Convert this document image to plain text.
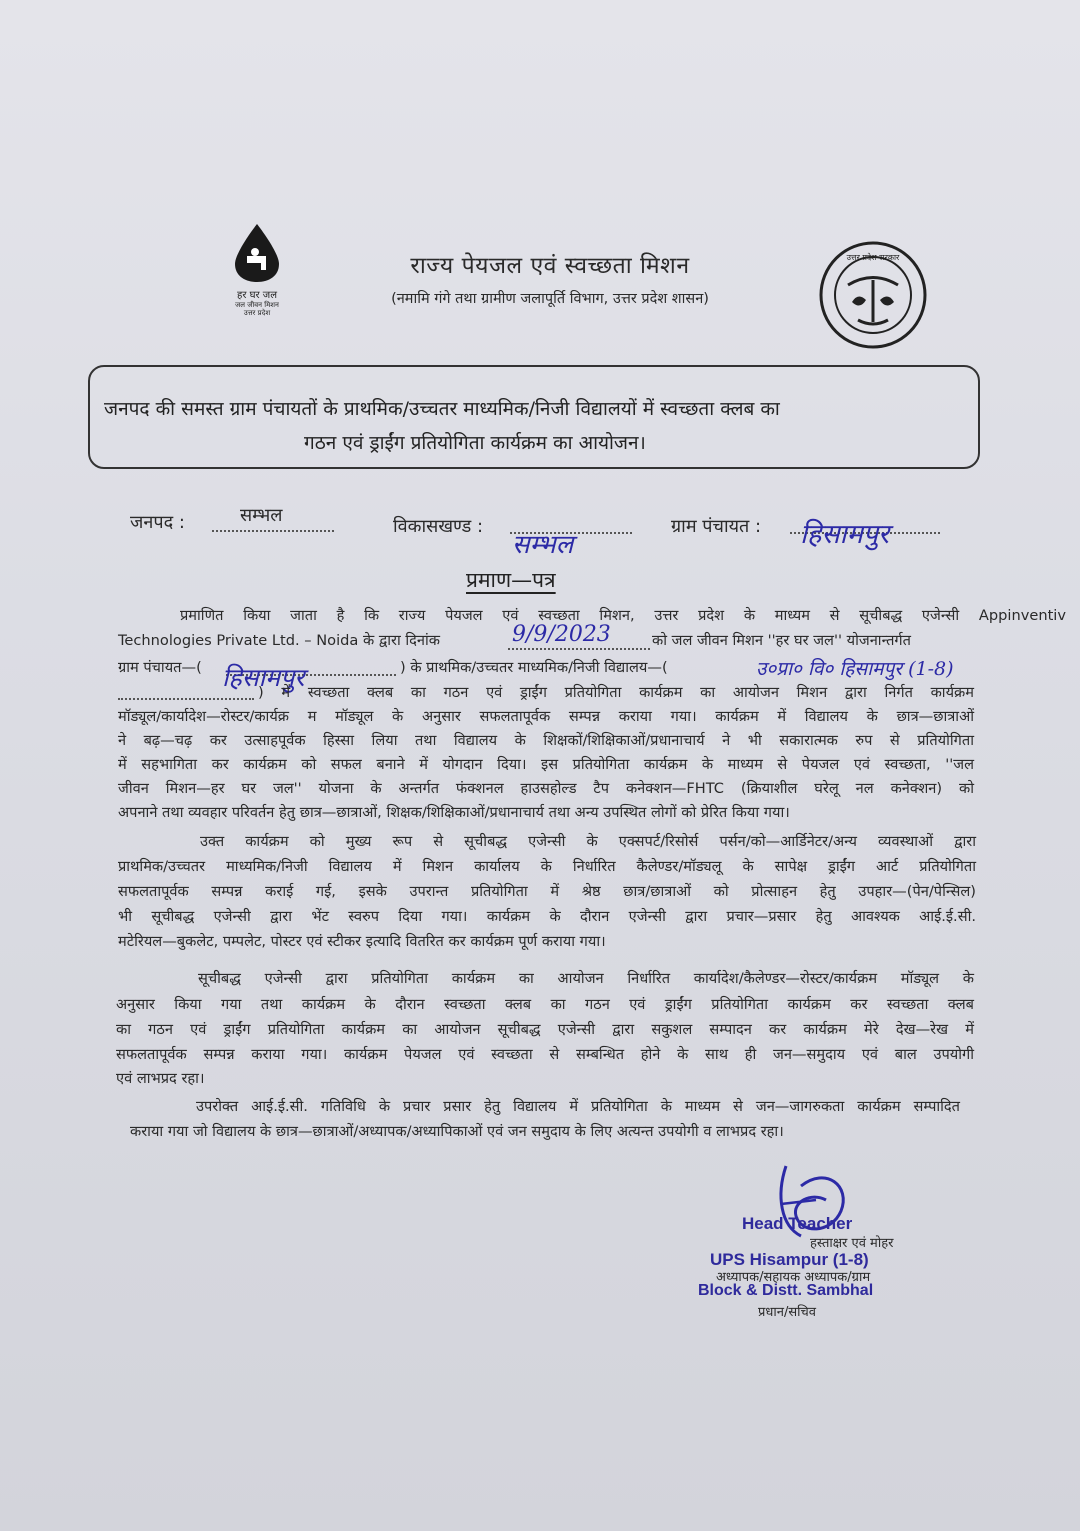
हर घर जल
जल जीवन मिशन
उत्तर प्रदेश
राज्य पेयजल एवं स्वच्छता मिशन
(नमामि गंगे तथा ग्रामीण जलापूर्ति विभाग, उत्तर प्रदेश शासन)
उत्तर प्रदेश सरकार
जनपद की समस्त ग्राम पंचायतों के प्राथमिक/उच्चतर माध्यमिक/निजी विद्यालयों में स्वच्छता क्लब का
गठन एवं ड्राईंग प्रतियोगिता कार्यक्रम का आयोजन।
जनपद :	सम्भल
विकासखण्ड :
सम्भल
ग्राम पंचायत : हिसामपुर
प्रमाण—पत्र
प्रमाणित किया जाता है कि राज्य पेयजल एवं स्वच्छता मिशन, उत्तर प्रदेश के माध्यम से सूचीबद्ध एजेन्सी Appinventiv
Technologies Private Ltd. – Noida के द्वारा दिनांक	9/9/2023	को जल जीवन मिशन ''हर घर जल'' योजनान्तर्गत
ग्राम पंचायत—( हिसामपुर	) के प्राथमिक/उच्चतर माध्यमिक/निजी विद्यालय—(	उ०प्रा० वि० हिसामपुर (1-8)
) में स्वच्छता क्लब का गठन एवं ड्राईंग प्रतियोगिता कार्यक्रम का आयोजन मिशन द्वारा निर्गत कार्यक्रम
मॉड्यूल/कार्यादेश—रोस्टर/कार्यक्र म मॉड्यूल के अनुसार सफलतापूर्वक सम्पन्न कराया गया। कार्यक्रम में विद्यालय के छात्र—छात्राओं
ने बढ़—चढ़ कर उत्साहपूर्वक हिस्सा लिया तथा विद्यालय के शिक्षकों/शिक्षिकाओं/प्रधानाचार्य ने भी सकारात्मक रुप से प्रतियोगिता
में सहभागिता कर कार्यक्रम को सफल बनाने में योगदान दिया। इस प्रतियोगिता कार्यक्रम के माध्यम से पेयजल एवं स्वच्छता, ''जल
जीवन मिशन—हर घर जल'' योजना के अन्तर्गत फंक्शनल हाउसहोल्ड टैप कनेक्शन—FHTC (क्रियाशील घरेलू नल कनेक्शन) को
अपनाने तथा व्यवहार परिवर्तन हेतु छात्र—छात्राओं, शिक्षक/शिक्षिकाओं/प्रधानाचार्य तथा अन्य उपस्थित लोगों को प्रेरित किया गया।
उक्त कार्यक्रम को मुख्य रूप से सूचीबद्ध एजेन्सी के एक्सपर्ट/रिसोर्स पर्सन/को—आर्डिनेटर/अन्य व्यवस्थाओं द्वारा
प्राथमिक/उच्चतर माध्यमिक/निजी विद्यालय में मिशन कार्यालय के निर्धारित कैलेण्डर/मॉड्यलू के सापेक्ष ड्राईंग आर्ट प्रतियोगिता
सफलतापूर्वक सम्पन्न कराई गई, इसके उपरान्त प्रतियोगिता में श्रेष्ठ छात्र/छात्राओं को प्रोत्साहन हेतु उपहार—(पेन/पेन्सिल)
भी सूचीबद्ध एजेन्सी द्वारा भेंट स्वरुप दिया गया। कार्यक्रम के दौरान एजेन्सी द्वारा प्रचार—प्रसार हेतु आवश्यक आई.ई.सी.
मटेरियल—बुकलेट, पम्पलेट, पोस्टर एवं स्टीकर इत्यादि वितरित कर कार्यक्रम पूर्ण कराया गया।
सूचीबद्ध एजेन्सी द्वारा प्रतियोगिता कार्यक्रम का आयोजन निर्धारित कार्यादेश/कैलेण्डर—रोस्टर/कार्यक्रम मॉड्यूल के
अनुसार किया गया तथा कार्यक्रम के दौरान स्वच्छता क्लब का गठन एवं ड्राईंग प्रतियोगिता कार्यक्रम कर स्वच्छता क्लब
का गठन एवं ड्राईंग प्रतियोगिता कार्यक्रम का आयोजन सूचीबद्ध एजेन्सी द्वारा सकुशल सम्पादन कर कार्यक्रम मेरे देख—रेख में
सफलतापूर्वक सम्पन्न कराया गया। कार्यक्रम पेयजल एवं स्वच्छता से सम्बन्धित होने के साथ ही जन—समुदाय एवं बाल उपयोगी
एवं लाभप्रद रहा।
उपरोक्त आई.ई.सी. गतिविधि के प्रचार प्रसार हेतु विद्यालय में प्रतियोगिता के माध्यम से जन—जागरुकता कार्यक्रम सम्पादित
कराया गया जो विद्यालय के छात्र—छात्राओं/अध्यापक/अध्यापिकाओं एवं जन समुदाय के लिए अत्यन्त उपयोगी व लाभप्रद रहा।
Head Teacher
हस्ताक्षर एवं मोहर
UPS Hisampur (1-8)
अध्यापक/सहायक अध्यापक/ग्राम
Block & Distt. Sambhal
प्रधान/सचिव
